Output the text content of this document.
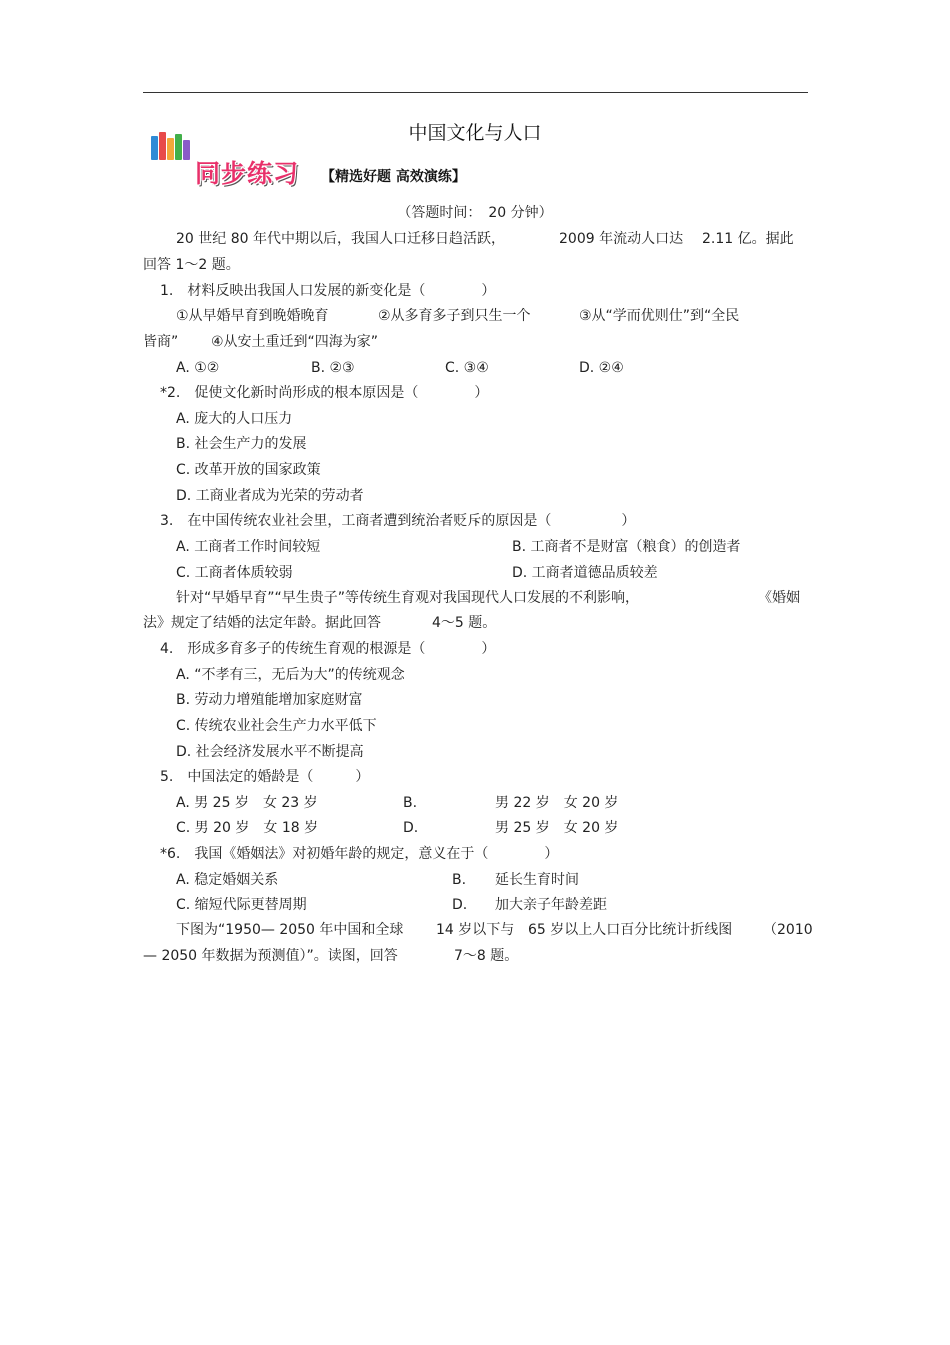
中国文化与人口
同步练习 【精选好题 高效演练】
（答题时间：　20 分钟）
20 世纪 80 年代中期以后，我国人口迁移日趋活跃，	2009 年流动人口达 2.11 亿。据此
回答 1～2 题。
1.　材料反映出我国人口发展的新变化是（　　　　）
①从早婚早育到晚婚晚育	②从多育多子到只生一个	③从“学而优则仕”到“全民
皆商” ④从安土重迁到“四海为家”
A. ①②	B. ②③	C. ③④	D. ②④
*2.　促使文化新时尚形成的根本原因是（　　　　）
A. 庞大的人口压力
B. 社会生产力的发展
C. 改革开放的国家政策
D. 工商业者成为光荣的劳动者
3.　在中国传统农业社会里，工商者遭到统治者贬斥的原因是（　　　　　）
A. 工商者工作时间较短	B. 工商者不是财富（粮食）的创造者
C. 工商者体质较弱	D. 工商者道德品质较差
针对“早婚早育”“早生贵子”等传统生育观对我国现代人口发展的不利影响，	《婚姻
法》规定了结婚的法定年龄。据此回答	4～5 题。
4.　形成多育多子的传统生育观的根源是（　　　　）
A. “不孝有三，无后为大”的传统观念
B. 劳动力增殖能增加家庭财富
C. 传统农业社会生产力水平低下
D. 社会经济发展水平不断提高
5.　中国法定的婚龄是（　　　）
A. 男 25 岁　女 23 岁	B.	男 22 岁　女 20 岁
C. 男 20 岁　女 18 岁	D.	男 25 岁　女 20 岁
*6.　我国《婚姻法》对初婚年龄的规定，意义在于（　　　　）
A. 稳定婚姻关系	B. 延长生育时间
C. 缩短代际更替周期	D. 加大亲子年龄差距
下图为“1950— 2050 年中国和全球 14 岁以下与 65 岁以上人口百分比统计折线图 （2010
— 2050 年数据为预测值）”。读图，回答	7～8 题。
